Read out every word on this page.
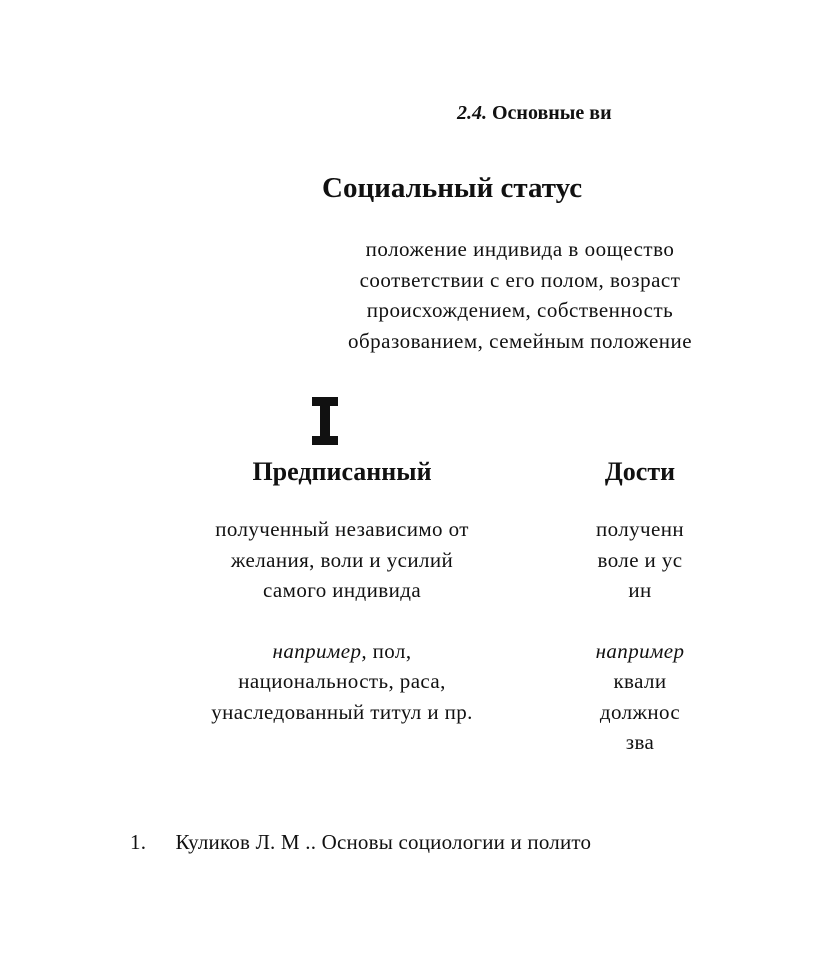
2.4. Основные ви
Социальный статус
положение индивида в оощество
соответствии с его полом, возраст
происхождением, собственность
образованием, семейным положение
Предписанный
полученный независимо от
желания, воли и усилий
самого индивида
например, пол,
национальность, раса,
унаследованный титул и пр.
Дости
полученн
воле и ус
ин
например
квали
должнос
зва
1. Куликов Л. М .. Основы социологии и полито
